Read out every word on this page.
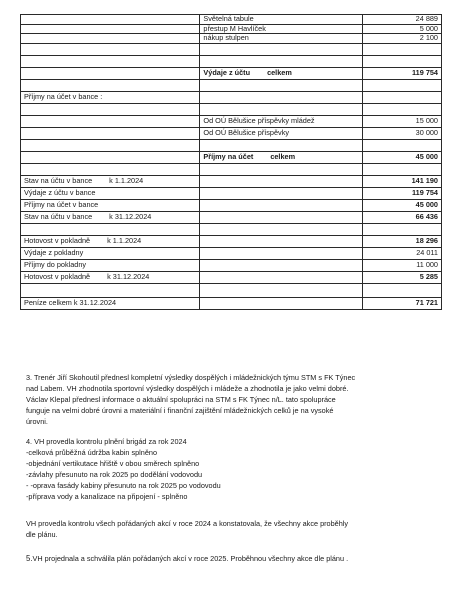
	Světelná tabule	24 889
	přestup M Havlíček	5 000
	nákup stulpen	2 100

	Výdaje z účtu celkem	119 754

Příjmy na účet v bance :		

	Od OÚ Bělušice příspěvky mládež	15 000
	Od OÚ Bělušice příspěvky	30 000

	Příjmy na účet celkem	45 000

Stav na účtu v bance k 1.1.2024		141 190
Výdaje z účtu v bance		119 754
Příjmy na účet v bance		45 000
Stav na účtu v bance k 31.12.2024		66 436

Hotovost v pokladně k 1.1.2024		18 296
Výdaje z pokladny		24 011
Příjmy do pokladny		11 000
Hotovost v pokladně k 31.12.2024		5 285

Peníze celkem k 31.12.2024		71 721

3. Trenér Jiří Skohoutil přednesl kompletní výsledky dospělých i mládežnických týmu STM s FK Týnec

nad Labem. VH zhodnotila sportovní výsledky dospělých i mládeže a zhodnotila je jako velmi dobré.

Václav Klepal přednesl informace o aktuální spolupráci na STM s FK Týnec n/L. tato spolupráce

funguje na velmi dobré úrovni a materiální i finanční zajištění mládežnických celků je na vysoké

úrovni.

4. VH provedla kontrolu plnění brigád za rok 2024

-celková průběžná údržba kabin splněno

-objednání vertikutace hřiště v obou směrech splněno

-závlahy přesunuto na rok 2025 po dodělání vodovodu

- -oprava fasády kabiny přesunuto na rok 2025 po vodovodu

-příprava vody a kanalizace na připojení - splněno

VH provedla kontrolu všech pořádaných akcí v roce 2024 a konstatovala, že všechny akce proběhly

dle plánu.

5.VH projednala a schválila plán pořádaných akcí v roce 2025. Proběhnou všechny akce dle plánu .
